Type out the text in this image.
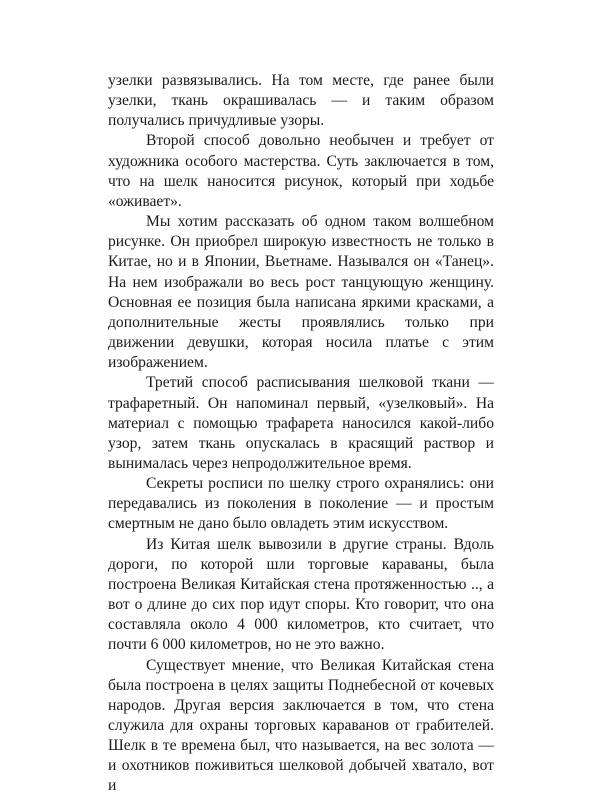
узелки развязывались. На том месте, где ранее были узелки, ткань окрашивалась — и таким образом получались причудливые узоры.

Второй способ довольно необычен и требует от художника особого мастерства. Суть заключается в том, что на шелк наносится рисунок, который при ходьбе «оживает».

Мы хотим рассказать об одном таком волшебном рисунке. Он приобрел широкую известность не только в Китае, но и в Японии, Вьетнаме. Назывался он «Танец». На нем изображали во весь рост танцующую женщину. Основная ее позиция была написана яркими красками, а дополнительные жесты проявлялись только при движении девушки, которая носила платье с этим изображением.

Третий способ расписывания шелковой ткани — трафаретный. Он напоминал первый, «узелковый». На материал с помощью трафарета наносился какой-либо узор, затем ткань опускалась в красящий раствор и вынималась через непродолжительное время.

Секреты росписи по шелку строго охранялись: они передавались из поколения в поколение — и простым смертным не дано было овладеть этим искусством.

Из Китая шелк вывозили в другие страны. Вдоль дороги, по которой шли торговые караваны, была построена Великая Китайская стена протяженностью .., а вот о длине до сих пор идут споры. Кто говорит, что она составляла около 4 000 километров, кто считает, что почти 6 000 километров, но не это важно.

Существует мнение, что Великая Китайская стена была построена в целях защиты Поднебесной от кочевых народов. Другая версия заключается в том, что стена служила для охраны торговых караванов от грабителей. Шелк в те времена был, что называется, на вес золота — и охотников поживиться шелковой добычей хватало, вот и
